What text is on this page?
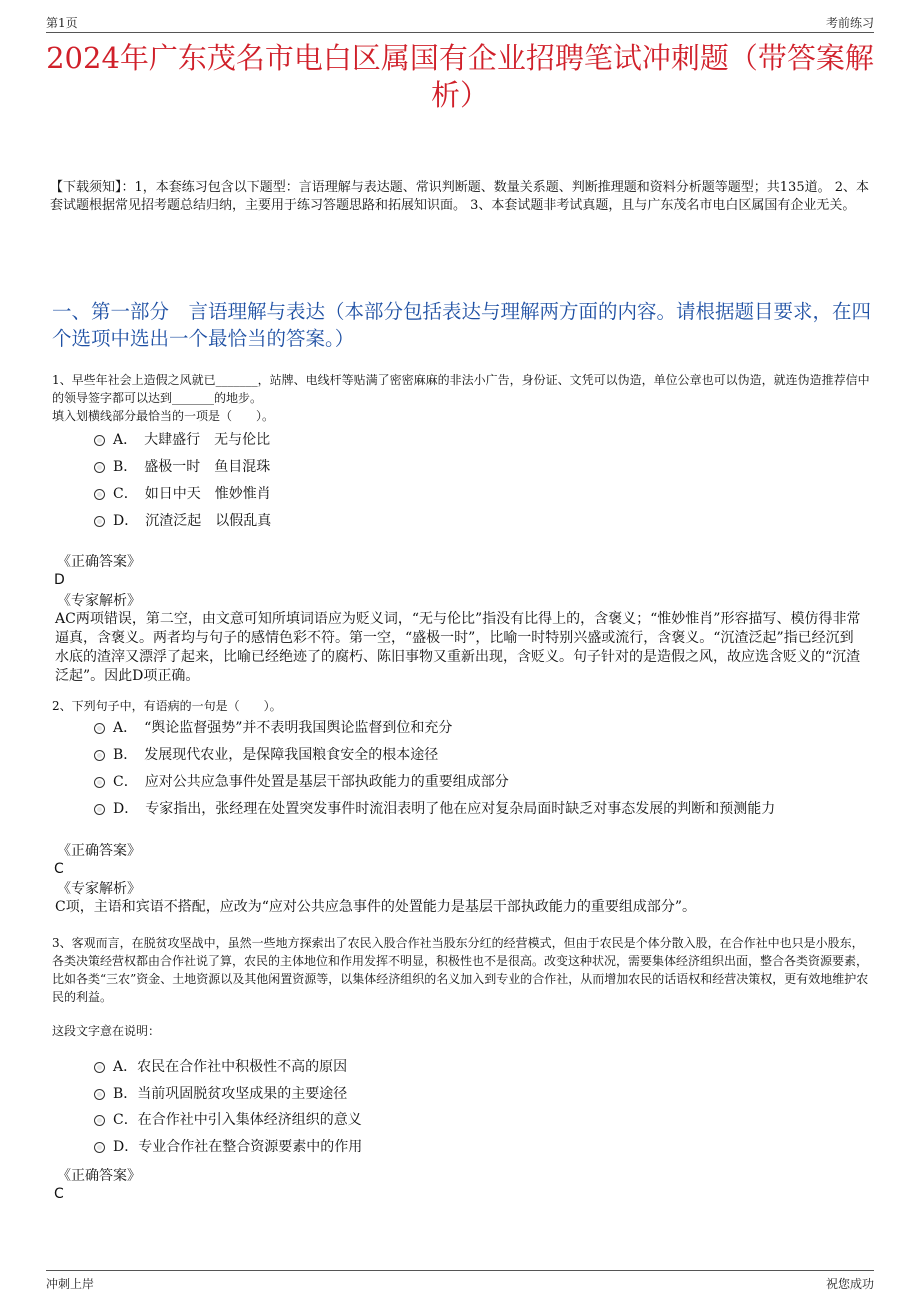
第1页	考前练习
2024年广东茂名市电白区属国有企业招聘笔试冲刺题（带答案解析）
【下载须知】：1，本套练习包含以下题型：言语理解与表达题、常识判断题、数量关系题、判断推理题和资料分析题等题型；共135道。 2、本套试题根据常见招考题总结归纳，主要用于练习答题思路和拓展知识面。 3、本套试题非考试真题，且与广东茂名市电白区属国有企业无关。
一、第一部分　言语理解与表达（本部分包括表达与理解两方面的内容。请根据题目要求，在四个选项中选出一个最恰当的答案。）

1、早些年社会上造假之风就已_______，站牌、电线杆等贴满了密密麻麻的非法小广告，身份证、文凭可以伪造，单位公章也可以伪造，就连伪造推荐信中的领导签字都可以达到_______的地步。

填入划横线部分最恰当的一项是（　　）。

A．　大肆盛行　无与伦比
B．　盛极一时　鱼目混珠
C．　如日中天　惟妙惟肖
D．　沉渣泛起　以假乱真
《正确答案》
D
《专家解析》
AC两项错误，第二空，由文意可知所填词语应为贬义词，“无与伦比”指没有比得上的，含褒义；“惟妙惟肖”形容描写、模仿得非常逼真，含褒义。两者均与句子的感情色彩不符。第一空，“盛极一时”，比喻一时特别兴盛或流行，含褒义。“沉渣泛起”指已经沉到水底的渣滓又漂浮了起来，比喻已经绝迹了的腐朽、陈旧事物又重新出现，含贬义。句子针对的是造假之风，故应选含贬义的“沉渣泛起”。因此D项正确。

2、下列句子中，有语病的一句是（　　）。

A．　“舆论监督强势”并不表明我国舆论监督到位和充分
B．　发展现代农业，是保障我国粮食安全的根本途径
C．　应对公共应急事件处置是基层干部执政能力的重要组成部分
D．　专家指出，张经理在处置突发事件时流泪表明了他在应对复杂局面时缺乏对事态发展的判断和预测能力
《正确答案》
C
《专家解析》
C项，主语和宾语不搭配，应改为“应对公共应急事件的处置能力是基层干部执政能力的重要组成部分”。

3、客观而言，在脱贫攻坚战中，虽然一些地方探索出了农民入股合作社当股东分红的经营模式，但由于农民是个体分散入股，在合作社中也只是小股东，各类决策经营权都由合作社说了算，农民的主体地位和作用发挥不明显，积极性也不是很高。改变这种状况，需要集体经济组织出面，整合各类资源要素，比如各类“三农”资金、土地资源以及其他闲置资源等，以集体经济组织的名义加入到专业的合作社，从而增加农民的话语权和经营决策权，更有效地维护农民的利益。

这段文字意在说明：

A．农民在合作社中积极性不高的原因
B．当前巩固脱贫攻坚成果的主要途径
C．在合作社中引入集体经济组织的意义
D．专业合作社在整合资源要素中的作用
《正确答案》
C
冲刺上岸	祝您成功
